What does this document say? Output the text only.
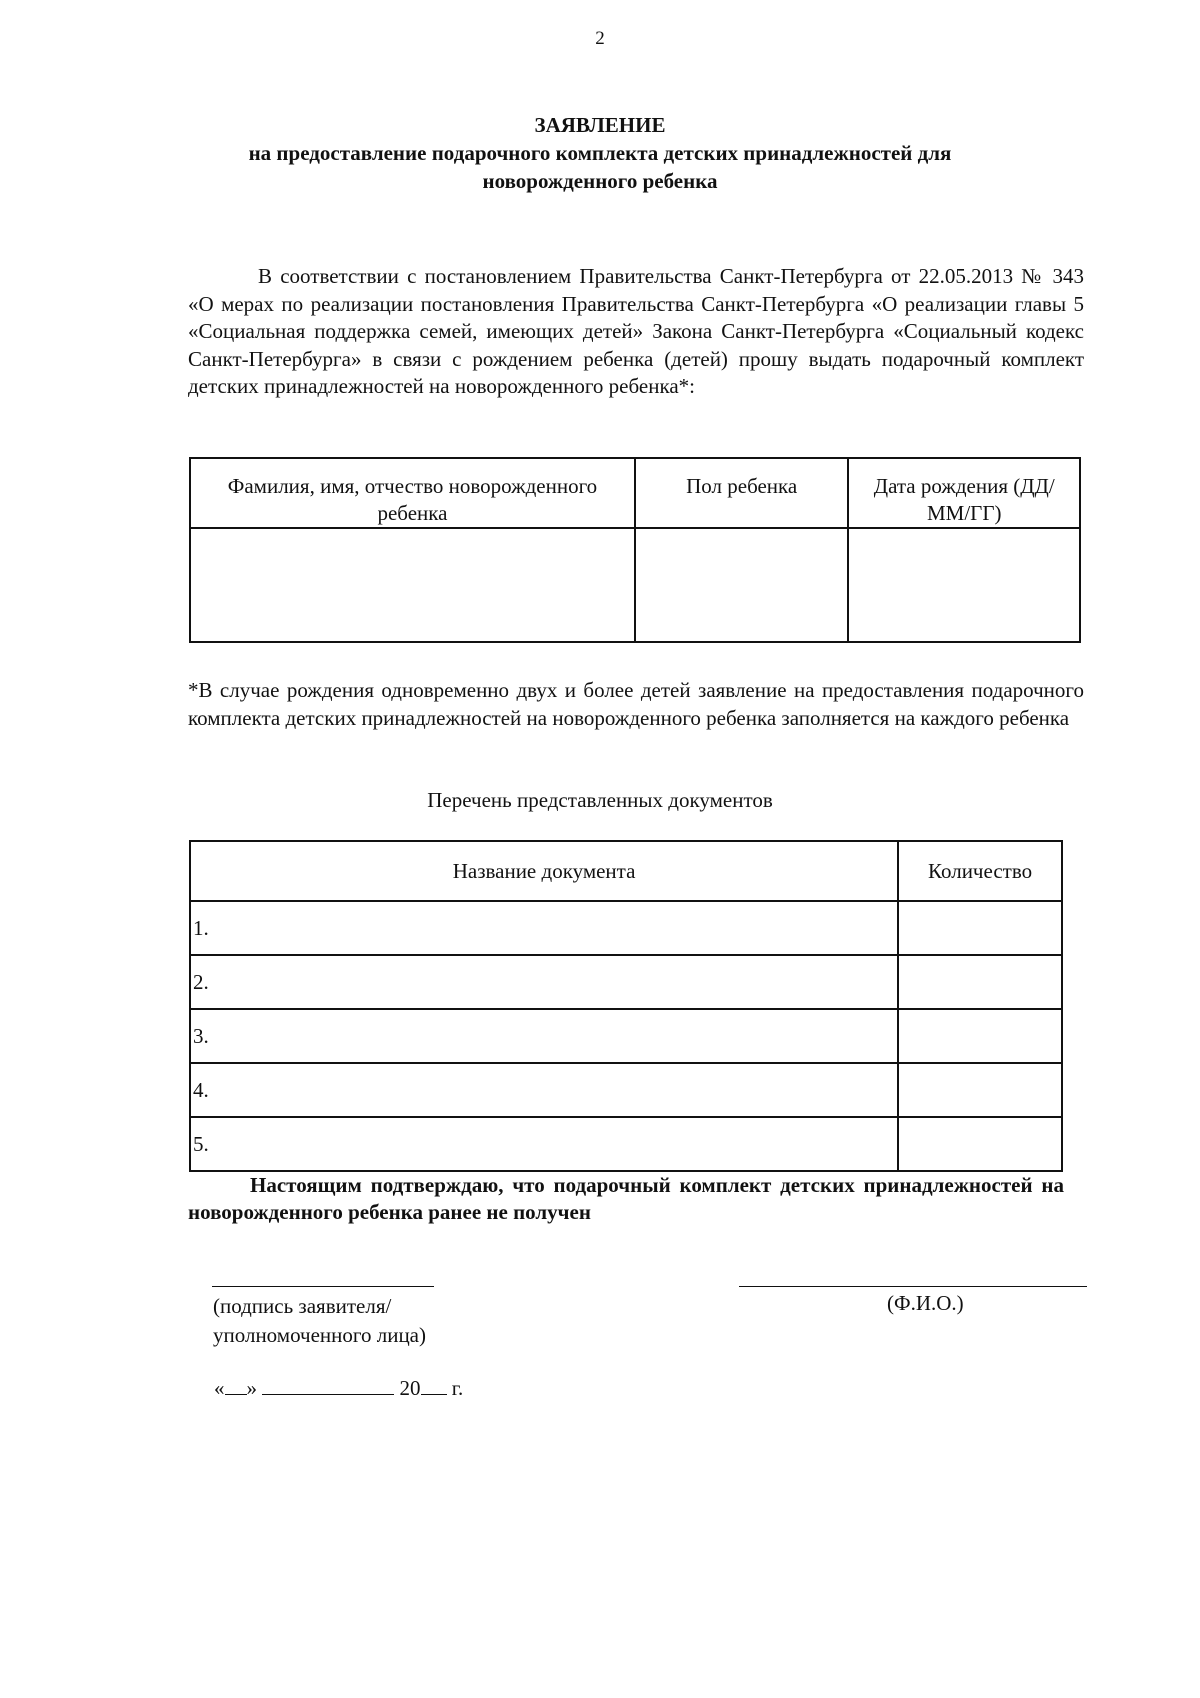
2
ЗАЯВЛЕНИЕ
на предоставление подарочного комплекта детских принадлежностей для
новорожденного ребенка
В соответствии с постановлением Правительства Санкт-Петербурга от 22.05.2013 № 343 «О мерах по реализации постановления Правительства Санкт-Петербурга «О реализации главы 5 «Социальная поддержка семей, имеющих детей» Закона Санкт-Петербурга «Социальный кодекс Санкт-Петербурга» в связи с рождением ребенка (детей) прошу выдать подарочный комплект детских принадлежностей на новорожденного ребенка*:
Фамилия, имя, отчество новорожденного ребенка	Пол ребенка	Дата рождения (ДД/ММ/ГГ)

*В случае рождения одновременно двух и более детей заявление на предоставления подарочного комплекта детских принадлежностей на новорожденного ребенка заполняется на каждого ребенка
Перечень представленных документов
Название документа	Количество
1.	
2.	
3.	
4.	
5.	
Настоящим подтверждаю, что подарочный комплект детских принадлежностей на новорожденного ребенка ранее не получен
(подпись заявителя/
уполномоченного лица)
(Ф.И.О.)
« »	20 г.
